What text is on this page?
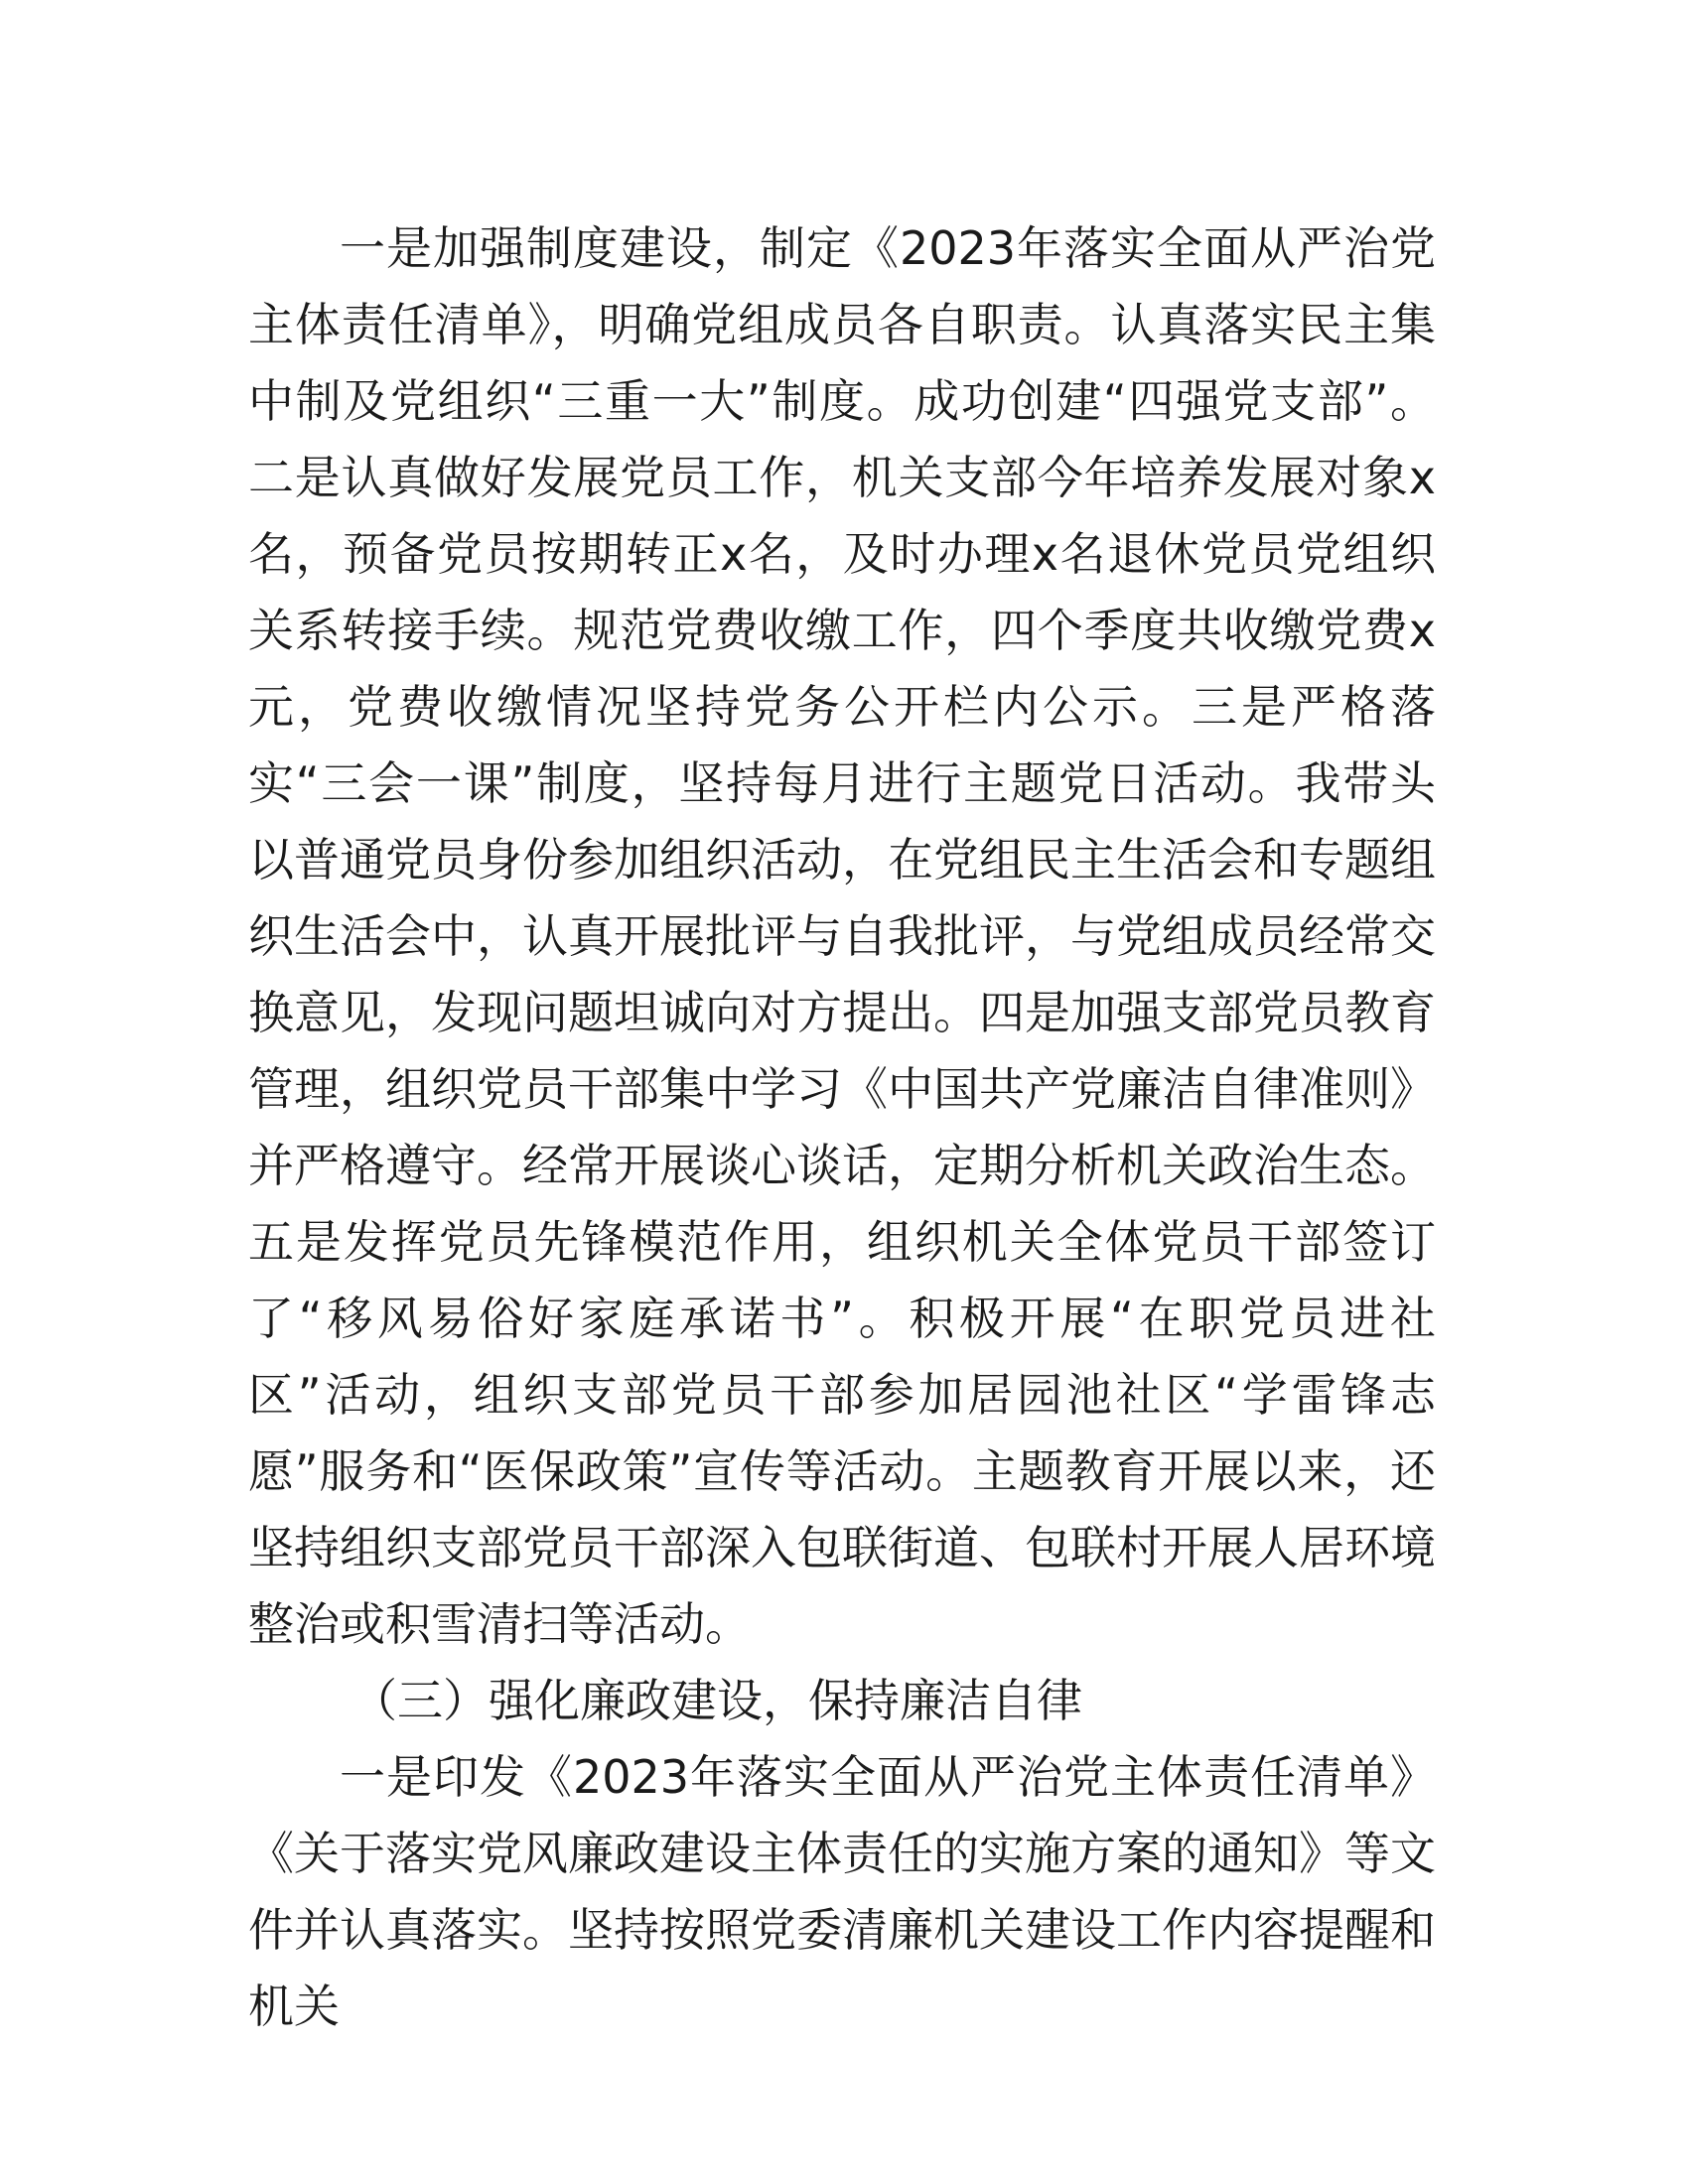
一是加强制度建设，制定《2023年落实全面从严治党主体责任清单》，明确党组成员各自职责。认真落实民主集中制及党组织“三重一大”制度。成功创建“四强党支部”。二是认真做好发展党员工作，机关支部今年培养发展对象x名，预备党员按期转正x名，及时办理x名退休党员党组织关系转接手续。规范党费收缴工作，四个季度共收缴党费x元，党费收缴情况坚持党务公开栏内公示。三是严格落实“三会一课”制度，坚持每月进行主题党日活动。我带头以普通党员身份参加组织活动，在党组民主生活会和专题组织生活会中，认真开展批评与自我批评，与党组成员经常交换意见，发现问题坦诚向对方提出。四是加强支部党员教育管理，组织党员干部集中学习《中国共产党廉洁自律准则》并严格遵守。经常开展谈心谈话，定期分析机关政治生态。五是发挥党员先锋模范作用，组织机关全体党员干部签订了“移风易俗好家庭承诺书”。积极开展“在职党员进社区”活动，组织支部党员干部参加居园池社区“学雷锋志愿”服务和“医保政策”宣传等活动。主题教育开展以来，还坚持组织支部党员干部深入包联街道、包联村开展人居环境整治或积雪清扫等活动。

（三）强化廉政建设，保持廉洁自律

一是印发《2023年落实全面从严治党主体责任清单》《关于落实党风廉政建设主体责任的实施方案的通知》等文件并认真落实。坚持按照党委清廉机关建设工作内容提醒和机关
